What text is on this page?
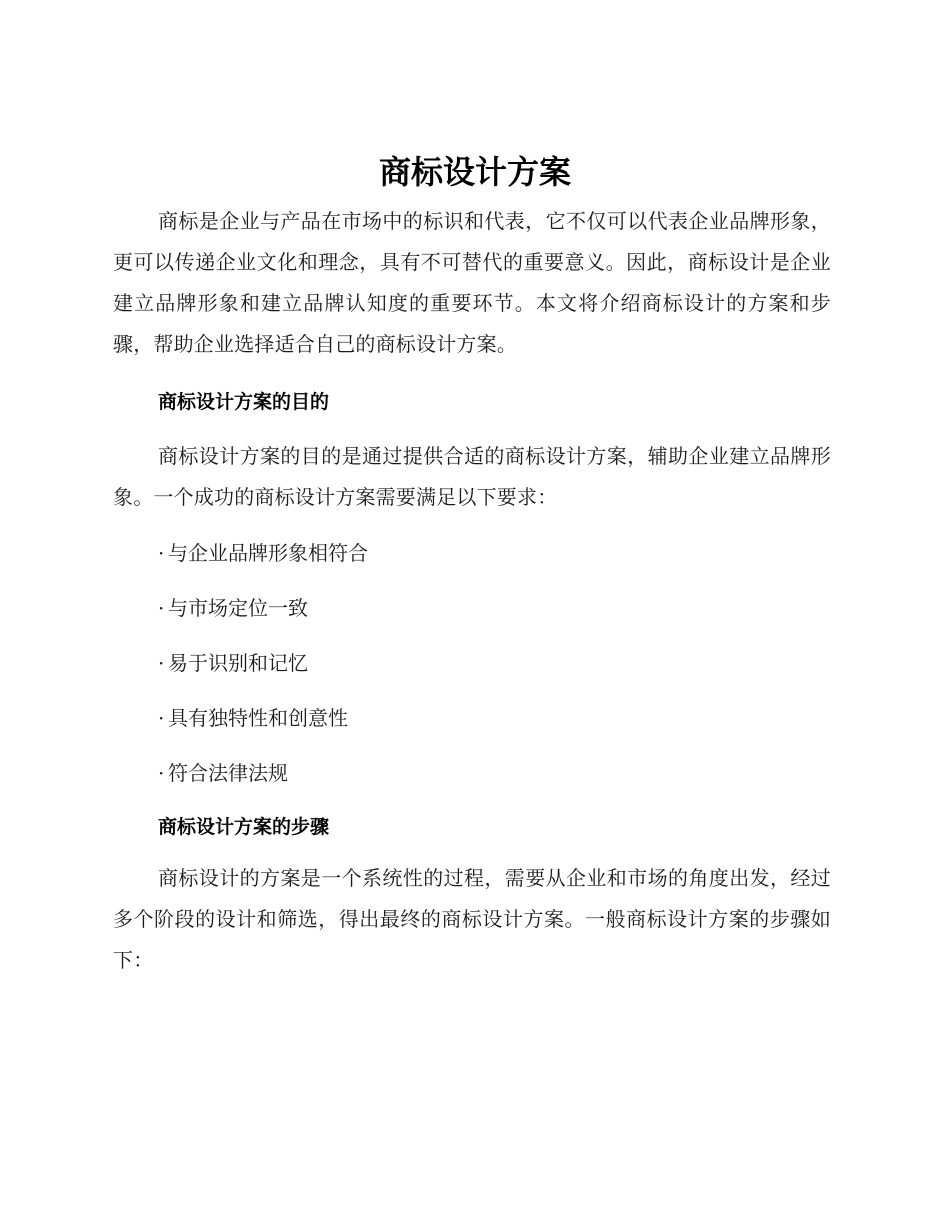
商标设计方案

商标是企业与产品在市场中的标识和代表，它不仅可以代表企业品牌形象，更可以传递企业文化和理念，具有不可替代的重要意义。因此，商标设计是企业建立品牌形象和建立品牌认知度的重要环节。本文将介绍商标设计的方案和步骤，帮助企业选择适合自己的商标设计方案。

商标设计方案的目的

商标设计方案的目的是通过提供合适的商标设计方案，辅助企业建立品牌形象。一个成功的商标设计方案需要满足以下要求：

· 与企业品牌形象相符合
· 与市场定位一致
· 易于识别和记忆
· 具有独特性和创意性
· 符合法律法规
商标设计方案的步骤

商标设计的方案是一个系统性的过程，需要从企业和市场的角度出发，经过多个阶段的设计和筛选，得出最终的商标设计方案。一般商标设计方案的步骤如下：
